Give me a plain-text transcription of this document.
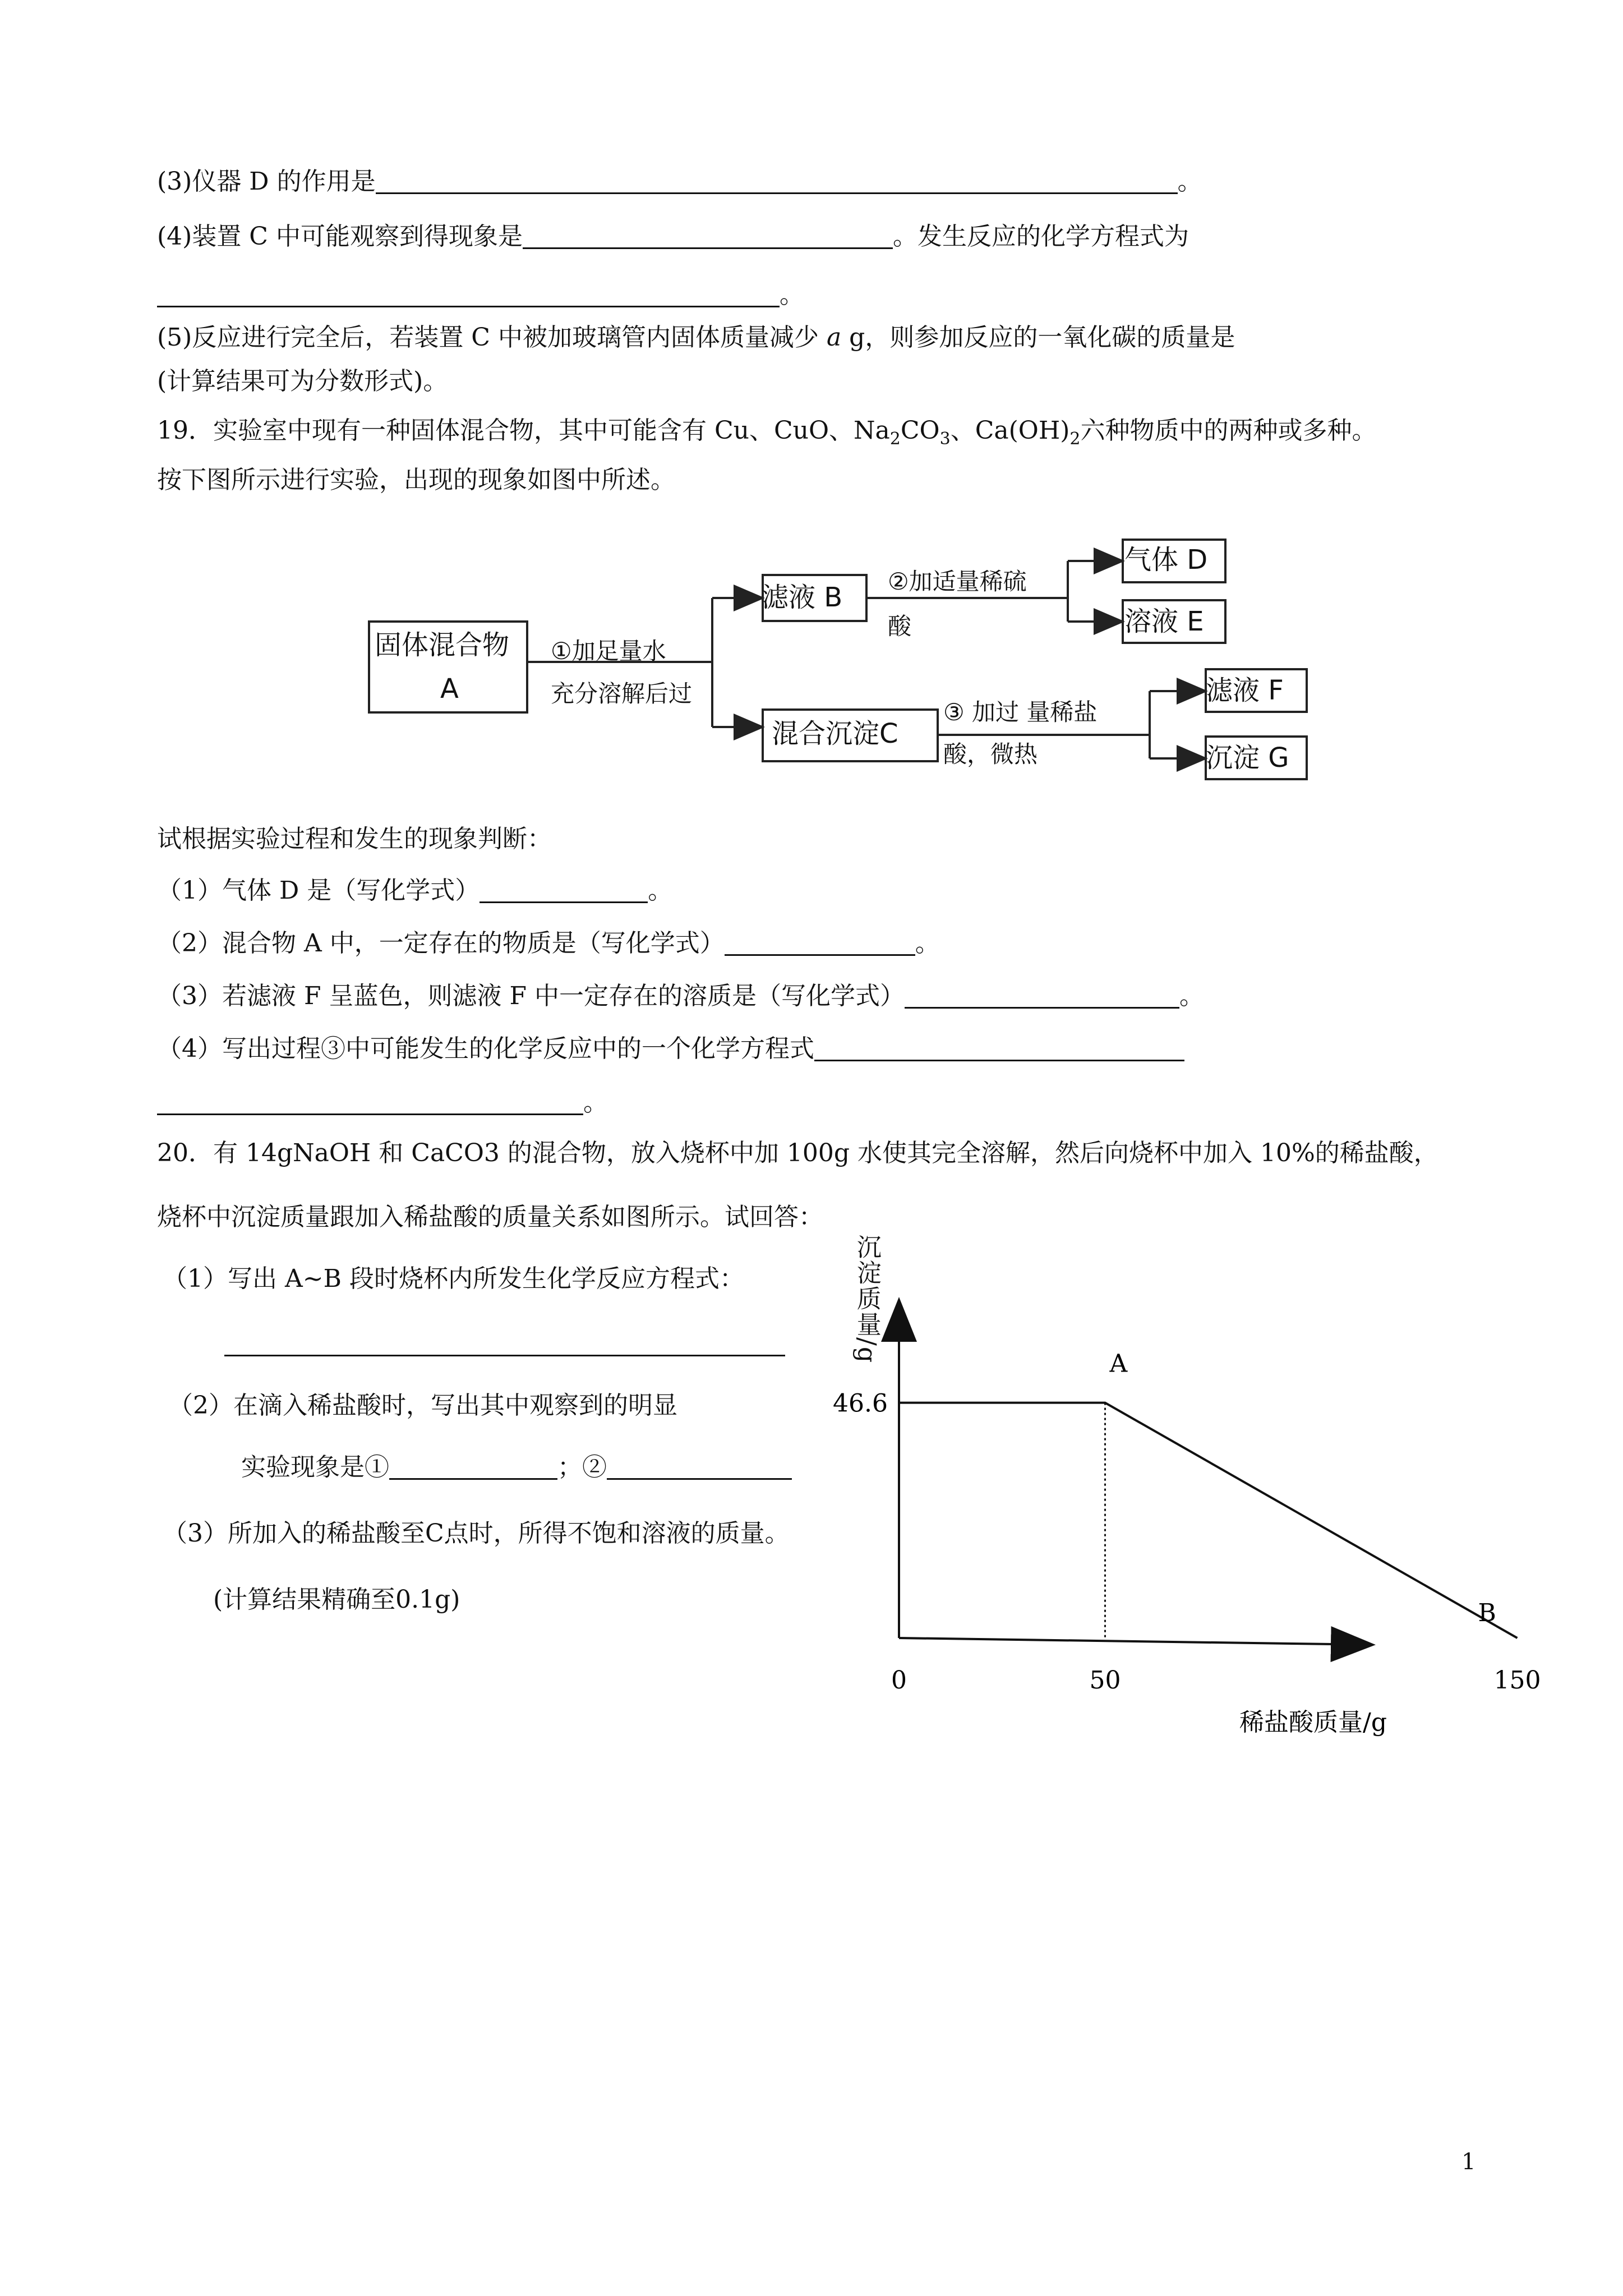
(3)仪器 D 的作用是	。
(4)装置 C 中可能观察到得现象是	。发生反应的化学方程式为
。
(5)反应进行完全后，若装置 C 中被加玻璃管内固体质量减少 a g，则参加反应的一氧化碳的质量是
(计算结果可为分数形式)。
19．实验室中现有一种固体混合物，其中可能含有 Cu、CuO、$Na_2CO_3$、$Ca(OH)_2$六种物质中的两种或多种。
按下图所示进行实验，出现的现象如图中所述。
固体混合物
A
①加足量水
充分溶解后过
滤液 B
②加适量稀硫
酸
气体 D
溶液 E
混合沉淀C
③ 加过 量稀盐
酸，微热
滤液 F
沉淀 G
试根据实验过程和发生的现象判断：
（1）气体 D 是（写化学式）	。
（2）混合物 A 中，一定存在的物质是（写化学式）	。
（3）若滤液 F 呈蓝色，则滤液 F 中一定存在的溶质是（写化学式）	。
（4）写出过程③中可能发生的化学反应中的一个化学方程式
。
20．有 14gNaOH 和 CaCO3 的混合物，放入烧杯中加 100g 水使其完全溶解，然后向烧杯中加入 10%的稀盐酸，
烧杯中沉淀质量跟加入稀盐酸的质量关系如图所示。试回答：
（1）写出 A~B 段时烧杯内所发生化学反应方程式：
（2）在滴入稀盐酸时，写出其中观察到的明显
实验现象是①	；②
（3）所加入的稀盐酸至C点时，所得不饱和溶液的质量。
(计算结果精确至0.1g)
A
B
46.6
0	50	150
稀盐酸质量/g
沉淀质量/g
1
